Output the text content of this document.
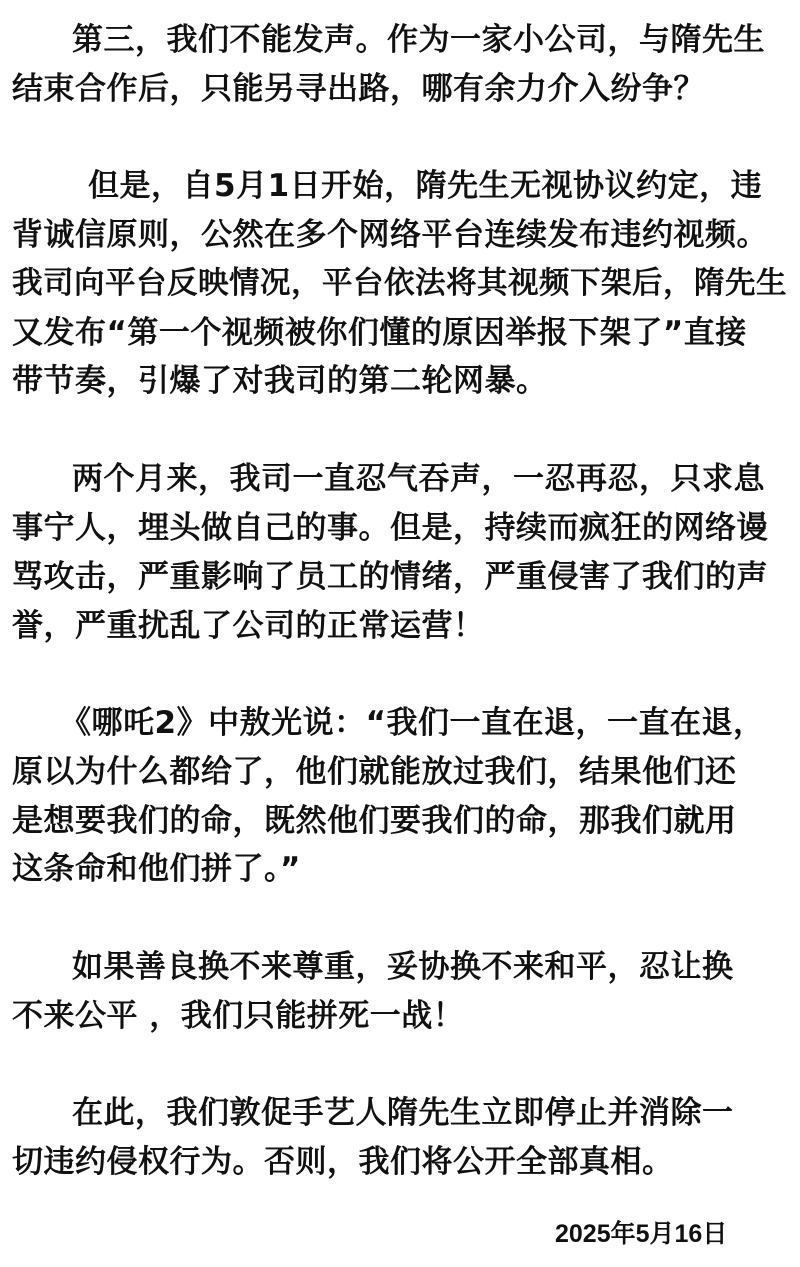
第三，我们不能发声。作为一家小公司，与隋先生
结束合作后，只能另寻出路，哪有余力介入纷争？
但是，自5月1日开始，隋先生无视协议约定，违
背诚信原则，公然在多个网络平台连续发布违约视频。
我司向平台反映情况，平台依法将其视频下架后，隋先生
又发布“第一个视频被你们懂的原因举报下架了”直接
带节奏，引爆了对我司的第二轮网暴。
两个月来，我司一直忍气吞声，一忍再忍，只求息
事宁人，埋头做自己的事。但是，持续而疯狂的网络谩
骂攻击，严重影响了员工的情绪，严重侵害了我们的声
誉，严重扰乱了公司的正常运营！
《哪吒2》中敖光说：“我们一直在退，一直在退，
原以为什么都给了，他们就能放过我们，结果他们还
是想要我们的命，既然他们要我们的命，那我们就用
这条命和他们拼了。”
如果善良换不来尊重，妥协换不来和平，忍让换
不来公平 ，我们只能拼死一战！
在此，我们敦促手艺人隋先生立即停止并消除一
切违约侵权行为。否则，我们将公开全部真相。
2025年5月16日
